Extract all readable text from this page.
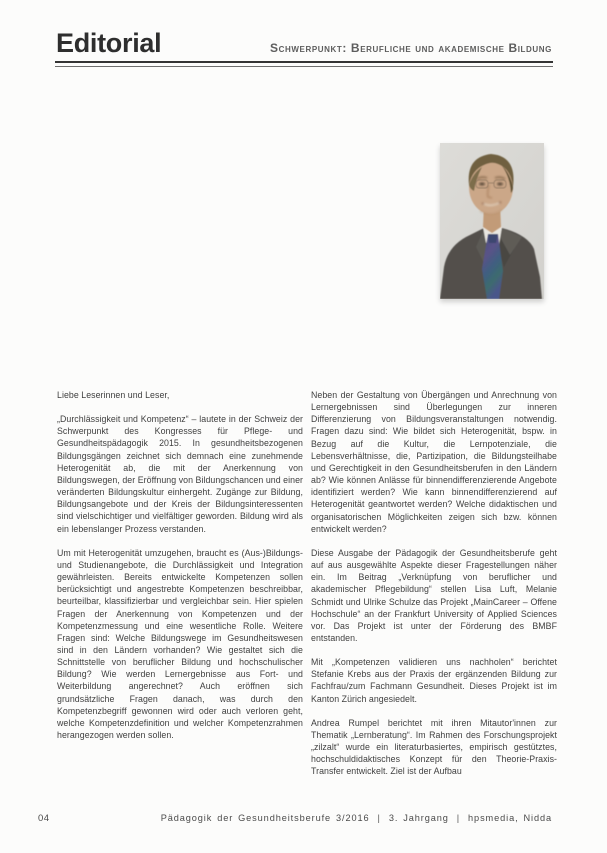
Editorial	Schwerpunkt: Berufliche und akademische Bildung

Liebe Leserinnen und Leser,

„Durchlässigkeit und Kompetenz“ – lautete in der Schweiz der Schwerpunkt des Kongresses für Pflege- und Gesundheitspädagogik 2015. In gesundheitsbezogenen Bildungsgängen zeichnet sich demnach eine zunehmende Heterogenität ab, die mit der Anerkennung von Bildungswegen, der Eröffnung von Bildungschancen und einer veränderten Bildungskultur einhergeht. Zugänge zur Bildung, Bildungsangebote und der Kreis der Bildungsinteressenten sind vielschichtiger und vielfältiger geworden. Bildung wird als ein lebenslanger Prozess verstanden.

Um mit Heterogenität umzugehen, braucht es (Aus-)Bildungs- und Studienangebote, die Durchlässigkeit und Integration gewährleisten. Bereits entwickelte Kompetenzen sollen berücksichtigt und angestrebte Kompetenzen beschreibbar, beurteilbar, klassifizierbar und vergleichbar sein. Hier spielen Fragen der Anerkennung von Kompetenzen und der Kompetenzmessung und eine wesentliche Rolle. Weitere Fragen sind: Welche Bildungswege im Gesundheitswesen sind in den Ländern vorhanden? Wie gestaltet sich die Schnittstelle von beruflicher Bildung und hochschulischer Bildung? Wie werden Lernergebnisse aus Fort- und Weiterbildung angerechnet? Auch eröffnen sich grundsätzliche Fragen danach, was durch den Kompetenzbegriff gewonnen wird oder auch verloren geht, welche Kompetenzdefinition und welcher Kompetenzrahmen herangezogen werden sollen.

Neben der Gestaltung von Übergängen und Anrechnung von Lernergebnissen sind Überlegungen zur inneren Differenzierung von Bildungsveranstaltungen notwendig. Fragen dazu sind: Wie bildet sich Heterogenität, bspw. in Bezug auf die Kultur, die Lernpotenziale, die Lebensverhältnisse, die, Partizipation, die Bildungsteilhabe und Gerechtigkeit in den Gesundheitsberufen in den Ländern ab? Wie können Anlässe für binnendifferenzierende Angebote identifiziert werden? Wie kann binnendifferenzierend auf Heterogenität geantwortet werden? Welche didaktischen und organisatorischen Möglichkeiten zeigen sich bzw. können entwickelt werden?

Diese Ausgabe der Pädagogik der Gesundheitsberufe geht auf aus ausgewählte Aspekte dieser Fragestellungen näher ein. Im Beitrag „Verknüpfung von beruflicher und akademischer Pflegebildung“ stellen Lisa Luft, Melanie Schmidt und Ulrike Schulze das Projekt „MainCareer – Offene Hochschule“ an der Frankfurt University of Applied Sciences vor. Das Projekt ist unter der Förderung des BMBF entstanden.

Mit „Kompetenzen validieren uns nachholen“ berichtet Stefanie Krebs aus der Praxis der ergänzenden Bildung zur Fachfrau/zum Fachmann Gesundheit. Dieses Projekt ist im Kanton Zürich angesiedelt.

Andrea Rumpel berichtet mit ihren Mitautor'innen zur Thematik „Lernberatung“. Im Rahmen des Forschungsprojekt „zilzalt“ wurde ein literaturbasiertes, empirisch gestütztes, hochschuldidaktisches Konzept für den Theorie-Praxis-Transfer entwickelt. Ziel ist der Aufbau

04	Pädagogik der Gesundheitsberufe 3/2016 | 3. Jahrgang | hpsmedia, Nidda
